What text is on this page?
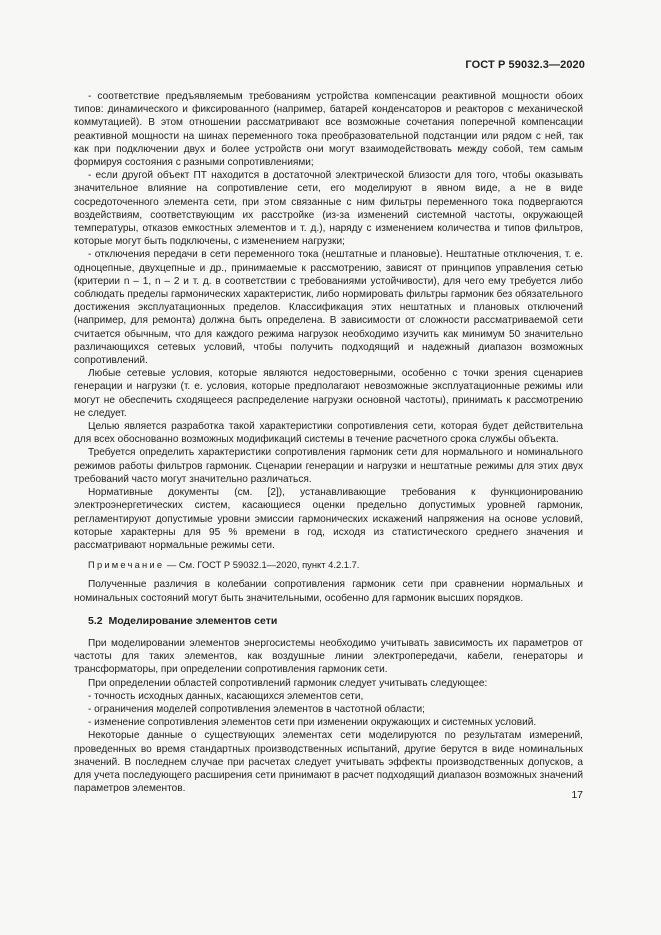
ГОСТ Р 59032.3—2020

- соответствие предъявляемым требованиям устройства компенсации реактивной мощности обоих типов: динамического и фиксированного (например, батарей конденсаторов и реакторов с механической коммутацией). В этом отношении рассматривают все возможные сочетания поперечной компенсации реактивной мощности на шинах переменного тока преобразовательной подстанции или рядом с ней, так как при подключении двух и более устройств они могут взаимодействовать между собой, тем самым формируя состояния с разными сопротивлениями;

- если другой объект ПТ находится в достаточной электрической близости для того, чтобы оказывать значительное влияние на сопротивление сети, его моделируют в явном виде, а не в виде сосредоточенного элемента сети, при этом связанные с ним фильтры переменного тока подвергаются воздействиям, соответствующим их расстройке (из-за изменений системной частоты, окружающей температуры, отказов емкостных элементов и т. д.), наряду с изменением количества и типов фильтров, которые могут быть подключены, с изменением нагрузки;

- отключения передачи в сети переменного тока (нештатные и плановые). Нештатные отключения, т. е. одноцепные, двухцепные и др., принимаемые к рассмотрению, зависят от принципов управления сетью (критерии n – 1, n – 2 и т. д. в соответствии с требованиями устойчивости), для чего ему требуется либо соблюдать пределы гармонических характеристик, либо нормировать фильтры гармоник без обязательного достижения эксплуатационных пределов. Классификация этих нештатных и плановых отключений (например, для ремонта) должна быть определена. В зависимости от сложности рассматриваемой сети считается обычным, что для каждого режима нагрузок необходимо изучить как минимум 50 значительно различающихся сетевых условий, чтобы получить подходящий и надежный диапазон возможных сопротивлений.

Любые сетевые условия, которые являются недостоверными, особенно с точки зрения сценариев генерации и нагрузки (т. е. условия, которые предполагают невозможные эксплуатационные режимы или могут не обеспечить сходящееся распределение нагрузки основной частоты), принимать к рассмотрению не следует.

Целью является разработка такой характеристики сопротивления сети, которая будет действительна для всех обоснованно возможных модификаций системы в течение расчетного срока службы объекта.

Требуется определить характеристики сопротивления гармоник сети для нормального и номинального режимов работы фильтров гармоник. Сценарии генерации и нагрузки и нештатные режимы для этих двух требований часто могут значительно различаться.

Нормативные документы (см. [2]), устанавливающие требования к функционированию электроэнергетических систем, касающиеся оценки предельно допустимых уровней гармоник, регламентируют допустимые уровни эмиссии гармонических искажений напряжения на основе условий, которые характерны для 95 % времени в год, исходя из статистического среднего значения и рассматривают нормальные режимы сети.

Примечание — См. ГОСТ Р 59032.1—2020, пункт 4.2.1.7.

Полученные различия в колебании сопротивления гармоник сети при сравнении нормальных и номинальных состояний могут быть значительными, особенно для гармоник высших порядков.

5.2 Моделирование элементов сети

При моделировании элементов энергосистемы необходимо учитывать зависимость их параметров от частоты для таких элементов, как воздушные линии электропередачи, кабели, генераторы и трансформаторы, при определении сопротивления гармоник сети.

При определении областей сопротивлений гармоник следует учитывать следующее:

- точность исходных данных, касающихся элементов сети,

- ограничения моделей сопротивления элементов в частотной области;

- изменение сопротивления элементов сети при изменении окружающих и системных условий.

Некоторые данные о существующих элементах сети моделируются по результатам измерений, проведенных во время стандартных производственных испытаний, другие берутся в виде номинальных значений. В последнем случае при расчетах следует учитывать эффекты производственных допусков, а для учета последующего расширения сети принимают в расчет подходящий диапазон возможных значений параметров элементов.

17
